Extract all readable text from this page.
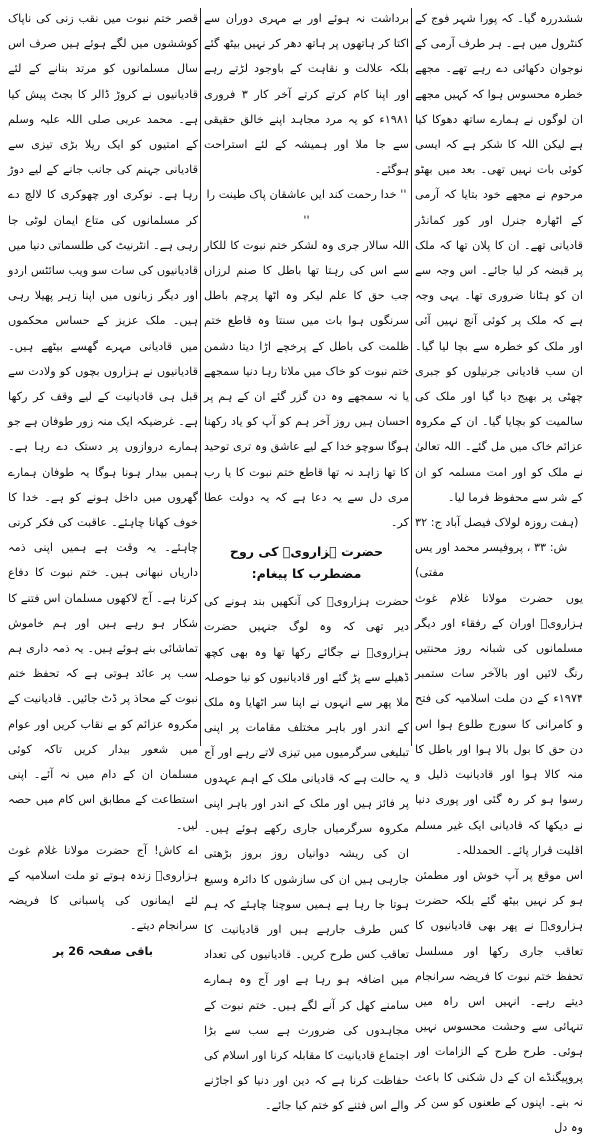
ششدررہ گیا۔ کہ پورا شہر فوج کے کنٹرول میں ہے۔ ہر طرف آرمی کے نوجوان دکھائی دے رہے تھے۔ مجھے خطرہ محسوس ہوا کہ کہیں مجھے ان لوگوں نے ہمارے ساتھ دھوکا کیا ہے لیکن اللہ کا شکر ہے کہ ایسی کوئی بات نہیں تھی۔ بعد میں بھٹو مرحوم نے مجھے خود بتایا کہ آرمی کے اٹھارہ جنرل اور کور کمانڈر قادیانی تھے۔ ان کا پلان تھا کہ ملک پر قبضہ کر لیا جائے۔ اس وجہ سے ان کو ہٹانا ضروری تھا۔ یہی وجہ ہے کہ ملک پر کوئی آنچ نہیں آئی اور ملک کو خطرہ سے بچا لیا گیا۔ ان سب قادیانی جرنیلوں کو جبری چھٹی پر بھیج دیا گیا اور ملک کی سالمیت کو بچایا گیا۔ ان کے مکروہ عزائم خاک میں مل گئے۔ اللہ تعالیٰ نے ملک کو اور امت مسلمہ کو ان کے شر سے محفوظ فرما لیا۔

(ہفت روزہ لولاک فیصل آباد ج: ۳۲ ش: ۳۳ ، پروفیسر محمد اور یس مفتی)

یوں حضرت مولانا غلام غوث ہزارویؒ اوران کے رفقاء اور دیگر مسلمانوں کی شبانہ روز محنتیں رنگ لائیں اور بالآخر سات ستمبر ۱۹۷۴ء کے دن ملت اسلامیہ کی فتح و کامرانی کا سورج طلوع ہوا اس دن حق کا بول بالا ہوا اور باطل کا منہ کالا ہوا اور قادیانیت ذلیل و رسوا ہو کر رہ گئی اور پوری دنیا نے دیکھا کہ قادیانی ایک غیر مسلم اقلیت قرار پائے۔ الحمدللہ۔

اس موقع پر آپ خوش اور مطمئن ہو کر نہیں بیٹھ گئے بلکہ حضرت ہزارویؒ نے پھر بھی قادیانیوں کا تعاقب جاری رکھا اور مسلسل تحفظ ختم نبوت کا فریضہ سرانجام دیتے رہے۔ انہیں اس راہ میں تنہائی سے وحشت محسوس نہیں ہوئی۔ طرح طرح کے الزامات اور پروپیگنڈے ان کے دل شکنی کا باعث نہ بنے۔ اپنوں کے طعنوں کو سن کر وہ دل

برداشت نہ ہوئے اور بے مہری دوران سے اکتا کر ہاتھوں پر ہاتھ دھر کر نہیں بیٹھ گئے بلکہ علالت و نقاہت کے باوجود لڑتے رہے اور اپنا کام کرتے کرتے آخر کار ۳ فروری ۱۹۸۱ء کو یہ مرد مجاہد اپنے خالق حقیقی سے جا ملا اور ہمیشہ کے لئے استراحت ہوگئے۔

'' خدا رحمت کند ایں عاشقان پاک طینت را ''

اللہ سالار جری وہ لشکر ختم نبوت کا للکار سے اس کی رہتا تھا باطل کا صنم لرزاں جب حق کا علم لیکر وہ اٹھا پرچم باطل سرنگوں ہوا بات میں سنتا وہ قاطع ختم ظلمت کی باطل کے پرخچے اڑا دیتا دشمن ختم نبوت کو خاک میں ملاتا رہا دنیا سمجھے یا نہ سمجھے وہ دن گزر گئے ان کے ہم پر احسان ہیں روز آخر ہم کو آپ کو یاد رکھنا ہوگا سوچو خدا کے لیے عاشق وہ تری توحید کا تھا زاہد نہ تھا قاطع ختم نبوت کا یا رب مری دل سے یہ دعا ہے کہ یہ دولت عطا کر۔

حضرت ہزارویؒ کی روح مضطرب کا پیغام:

حضرت ہزارویؒ کی آنکھیں بند ہونے کی دیر تھی کہ وہ لوگ جنہیں حضرت ہزارویؒ نے جگائے رکھا تھا وہ بھی کچھ ڈھیلے سے پڑ گئے اور قادیانیوں کو نیا حوصلہ ملا پھر سے انہوں نے اپنا سر اٹھایا وہ ملک کے اندر اور باہر مختلف مقامات پر اپنی تبلیغی سرگرمیوں میں تیزی لاتے رہے اور آج یہ حالت ہے کہ قادیانی ملک کے اہم عہدوں پر فائز ہیں اور ملک کے اندر اور باہر اپنی مکروہ سرگرمیاں جاری رکھے ہوئے ہیں۔ ان کی ریشہ دوانیاں روز بروز بڑھتی جارہی ہیں ان کی سازشوں کا دائرہ وسیع ہوتا جا رہا ہے ہمیں سوچنا چاہئے کہ ہم کس طرف جارہے ہیں اور قادیانیت کا تعاقب کس طرح کریں۔ قادیانیوں کی تعداد میں اضافہ ہو رہا ہے اور آج وہ ہمارے سامنے کھل کر آنے لگے ہیں۔ ختم نبوت کے مجاہدوں کی ضرورت ہے سب سے بڑا اجتماع قادیانیت کا مقابلہ کرنا اور اسلام کی حفاظت کرنا ہے کہ دین اور دنیا کو اجاڑنے والے اس فتنے کو ختم کیا جائے۔

قصر ختم نبوت میں نقب زنی کی ناپاک کوششوں میں لگے ہوئے ہیں صرف اس سال مسلمانوں کو مرتد بنانے کے لئے قادیانیوں نے کروڑ ڈالر کا بجٹ پیش کیا ہے۔ محمد عربی صلی اللہ علیہ وسلم کے امتیوں کو ایک ریلا بڑی تیزی سے قادیانی جہنم کی جانب جانے کے لیے دوڑ رہا ہے۔ نوکری اور چھوکری کا لالچ دے کر مسلمانوں کی متاع ایمان لوٹی جا رہی ہے۔ انٹرنیٹ کی طلسماتی دنیا میں قادیانیوں کی سات سو ویب سائٹس اردو اور دیگر زبانوں میں اپنا زہر پھیلا رہی ہیں۔ ملک عزیز کے حساس محکموں میں قادیانی مہرے گھسے بیٹھے ہیں۔ قادیانیوں نے ہزاروں بچوں کو ولادت سے قبل ہی قادیانیت کے لیے وقف کر رکھا ہے۔ غرضیکہ ایک منہ زور طوفان ہے جو ہمارے دروازوں پر دستک دے رہا ہے۔ ہمیں بیدار ہونا ہوگا یہ طوفان ہمارے گھروں میں داخل ہونے کو ہے۔ خدا کا خوف کھانا چاہئے۔ عاقبت کی فکر کرنی چاہئے۔ یہ وقت ہے ہمیں اپنی ذمہ داریاں نبھانی ہیں۔ ختم نبوت کا دفاع کرنا ہے۔ آج لاکھوں مسلمان اس فتنے کا شکار ہو رہے ہیں اور ہم خاموش تماشائی بنے ہوئے ہیں۔ یہ ذمہ داری ہم سب پر عائد ہوتی ہے کہ تحفظ ختم نبوت کے محاذ پر ڈٹ جائیں۔ قادیانیت کے مکروہ عزائم کو بے نقاب کریں اور عوام میں شعور بیدار کریں تاکہ کوئی مسلمان ان کے دام میں نہ آئے۔ اپنی استطاعت کے مطابق اس کام میں حصہ لیں۔

اے کاش! آج حضرت مولانا غلام غوث ہزارویؒ زندہ ہوتے تو ملت اسلامیہ کے لئے ایمانوں کی پاسبانی کا فریضہ سرانجام دیتے۔

باقی صفحہ 26 پر
